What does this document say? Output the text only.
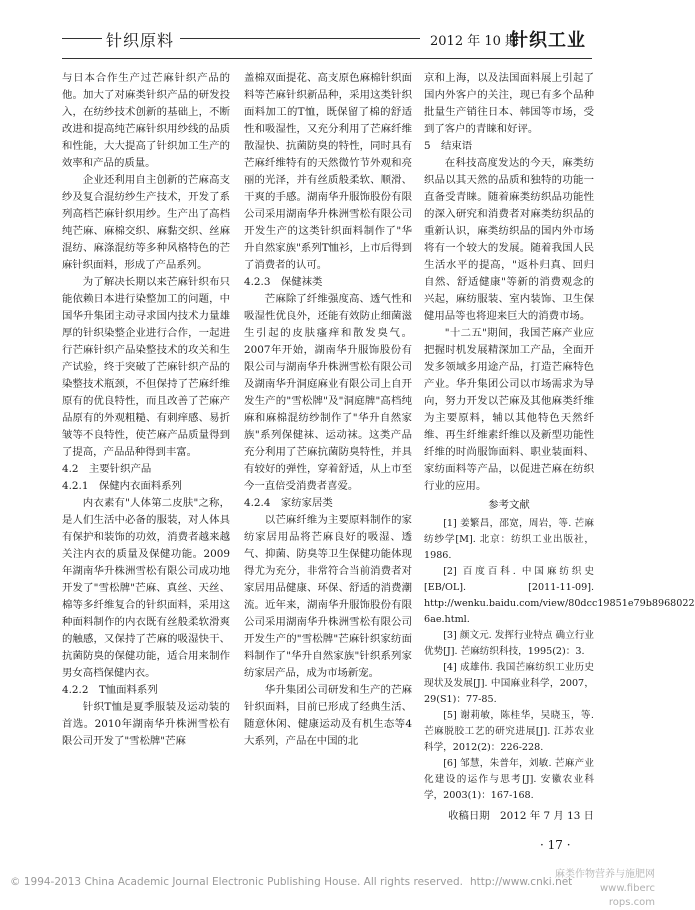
针织原料	2012 年 10 期
针织工业

与日本合作生产过芒麻针织产品的他。加大了对麻类针织产品的研发投入，在纺纱技术创新的基础上，不断改进和提高纯芒麻针织用纱线的品质和性能，大大提高了针织加工生产的效率和产品的质量。

企业还利用自主创新的芒麻高支纱及复合混纺纱生产技术，开发了系列高档芒麻针织用纱。生产出了高档纯芒麻、麻棉交织、麻黏交织、丝麻混纺、麻涤混纺等多种风格特色的芒麻针织面料，形成了产品系列。

为了解决长期以来芒麻针织布只能依赖日本进行染整加工的问题，中国华升集团主动寻求国内技术力量雄厚的针织染整企业进行合作，一起进行芒麻针织产品染整技术的攻关和生产试验，终于突破了芒麻针织产品的染整技术瓶颈，不但保持了芒麻纤维原有的优良特性，而且改善了芒麻产品原有的外观粗糙、有刺痒感、易折皱等不良特性，使芒麻产品质量得到了提高，产品品种得到丰富。

4.2　主要针织产品
4.2.1　保健内衣面料系列

内衣素有"人体第二皮肤"之称，是人们生活中必备的服装，对人体具有保护和装饰的功效，消费者越来越关注内衣的质量及保健功能。2009年湖南华升株洲雪松有限公司成功地开发了"雪松牌"芒麻、真丝、天丝、棉等多纤维复合的针织面料，采用这种面料制作的内衣既有丝般柔软滑爽的触感，又保持了芒麻的吸湿快干、抗菌防臭的保健功能，适合用来制作男女高档保健内衣。

4.2.2　T恤面料系列

针织T恤是夏季服装及运动装的首选。2010年湖南华升株洲雪松有限公司开发了"雪松牌"芒麻

盖棉双面提花、高支原色麻棉针织面料等芒麻针织新品种，采用这类针织面料加工的T恤，既保留了棉的舒适性和吸湿性，又充分利用了芒麻纤维散湿快、抗菌防臭的特性，同时具有芒麻纤维特有的天然微竹节外观和亮丽的光泽，并有丝质般柔软、顺滑、干爽的手感。湖南华升服饰股份有限公司采用湖南华升株洲雪松有限公司开发生产的这类针织面料制作了"华升自然家族"系列T恤衫，上市后得到了消费者的认可。

4.2.3　保健袜类

芒麻除了纤维强度高、透气性和吸湿性优良外，还能有效防止细菌滋生引起的皮肤瘙痒和散发臭气。2007年开始，湖南华升服饰股份有限公司与湖南华升株洲雪松有限公司及湖南华升洞庭麻业有限公司上自开发生产的"雪松牌"及"洞庭牌"高档纯麻和麻棉混纺纱制作了"华升自然家族"系列保健袜、运动袜。这类产品充分利用了芒麻抗菌防臭特性，并具有较好的弹性，穿着舒适，从上市至今一直倍受消费者喜爱。

4.2.4　家纺家居类

以芒麻纤维为主要原料制作的家纺家居用品将芒麻良好的吸湿、透气、抑菌、防臭等卫生保健功能体现得尤为充分，非常符合当前消费者对家居用品健康、环保、舒适的消费潮流。近年来，湖南华升服饰股份有限公司采用湖南华升株洲雪松有限公司开发生产的"雪松牌"芒麻针织家纺面料制作了"华升自然家族"针织系列家纺家居产品，成为市场新宠。

华升集团公司研发和生产的芒麻针织面料，目前已形成了经典生活、随意休闲、健康运动及有机生态等4大系列，产品在中国的北

京和上海，以及法国面料展上引起了国内外客户的关注，现已有多个品种批量生产销往日本、韩国等市场，受到了客户的青睐和好评。

5　结束语

在科技高度发达的今天，麻类纺织品以其天然的品质和独特的功能一直备受青睐。随着麻类纺织品功能性的深入研究和消费者对麻类纺织品的重新认识，麻类纺织品的国内外市场将有一个较大的发展。随着我国人民生活水平的提高，"返朴归真、回归自然、舒适健康"等新的消费观念的兴起，麻纺服装、室内装饰、卫生保健用品等也将迎来巨大的消费市场。

"十二五"期间，我国芒麻产业应把握时机发展精深加工产品，全面开发多领域多用途产品，打造芒麻特色产业。华升集团公司以市场需求为导向，努力开发以芒麻及其他麻类纤维为主要原料，辅以其他特色天然纤维、再生纤维素纤维以及新型功能性纤维的时尚服饰面料、职业装面料、家纺面料等产品，以促进芒麻在纺织行业的应用。

参考文献

[1] 姜繁昌，邵宽，周岩，等. 芒麻纺纱学[M]. 北京：纺织工业出版社，1986.

[2] 百度百科. 中国麻纺织史[EB/OL]. [2011-11-09]. http://wenku.baidu.com/view/80dcc19851e79b8968022 6ae.html.

[3] 颜文元. 发挥行业特点 确立行业优势[J]. 芒麻纺织科技，1995(2)：3.

[4] 成雄伟. 我国芒麻纺织工业历史现状及发展[J]. 中国麻业科学，2007，29(S1)：77-85.

[5] 谢莉敏，陈桂华，吴晓玉，等. 芒麻脱胶工艺的研究进展[J]. 江苏农业科学，2012(2)：226-228.

[6] 邹慧，朱普年，刘敏. 芒麻产业化建设的运作与思考[J]. 安徽农业科学，2003(1)：167-168.

收稿日期　2012 年 7 月 13 日
· 17 ·
© 1994-2013 China Academic Journal Electronic Publishing House. All rights reserved. http://www.cnki.net
麻类作物营养与施肥网 www.fiberc rops.com
